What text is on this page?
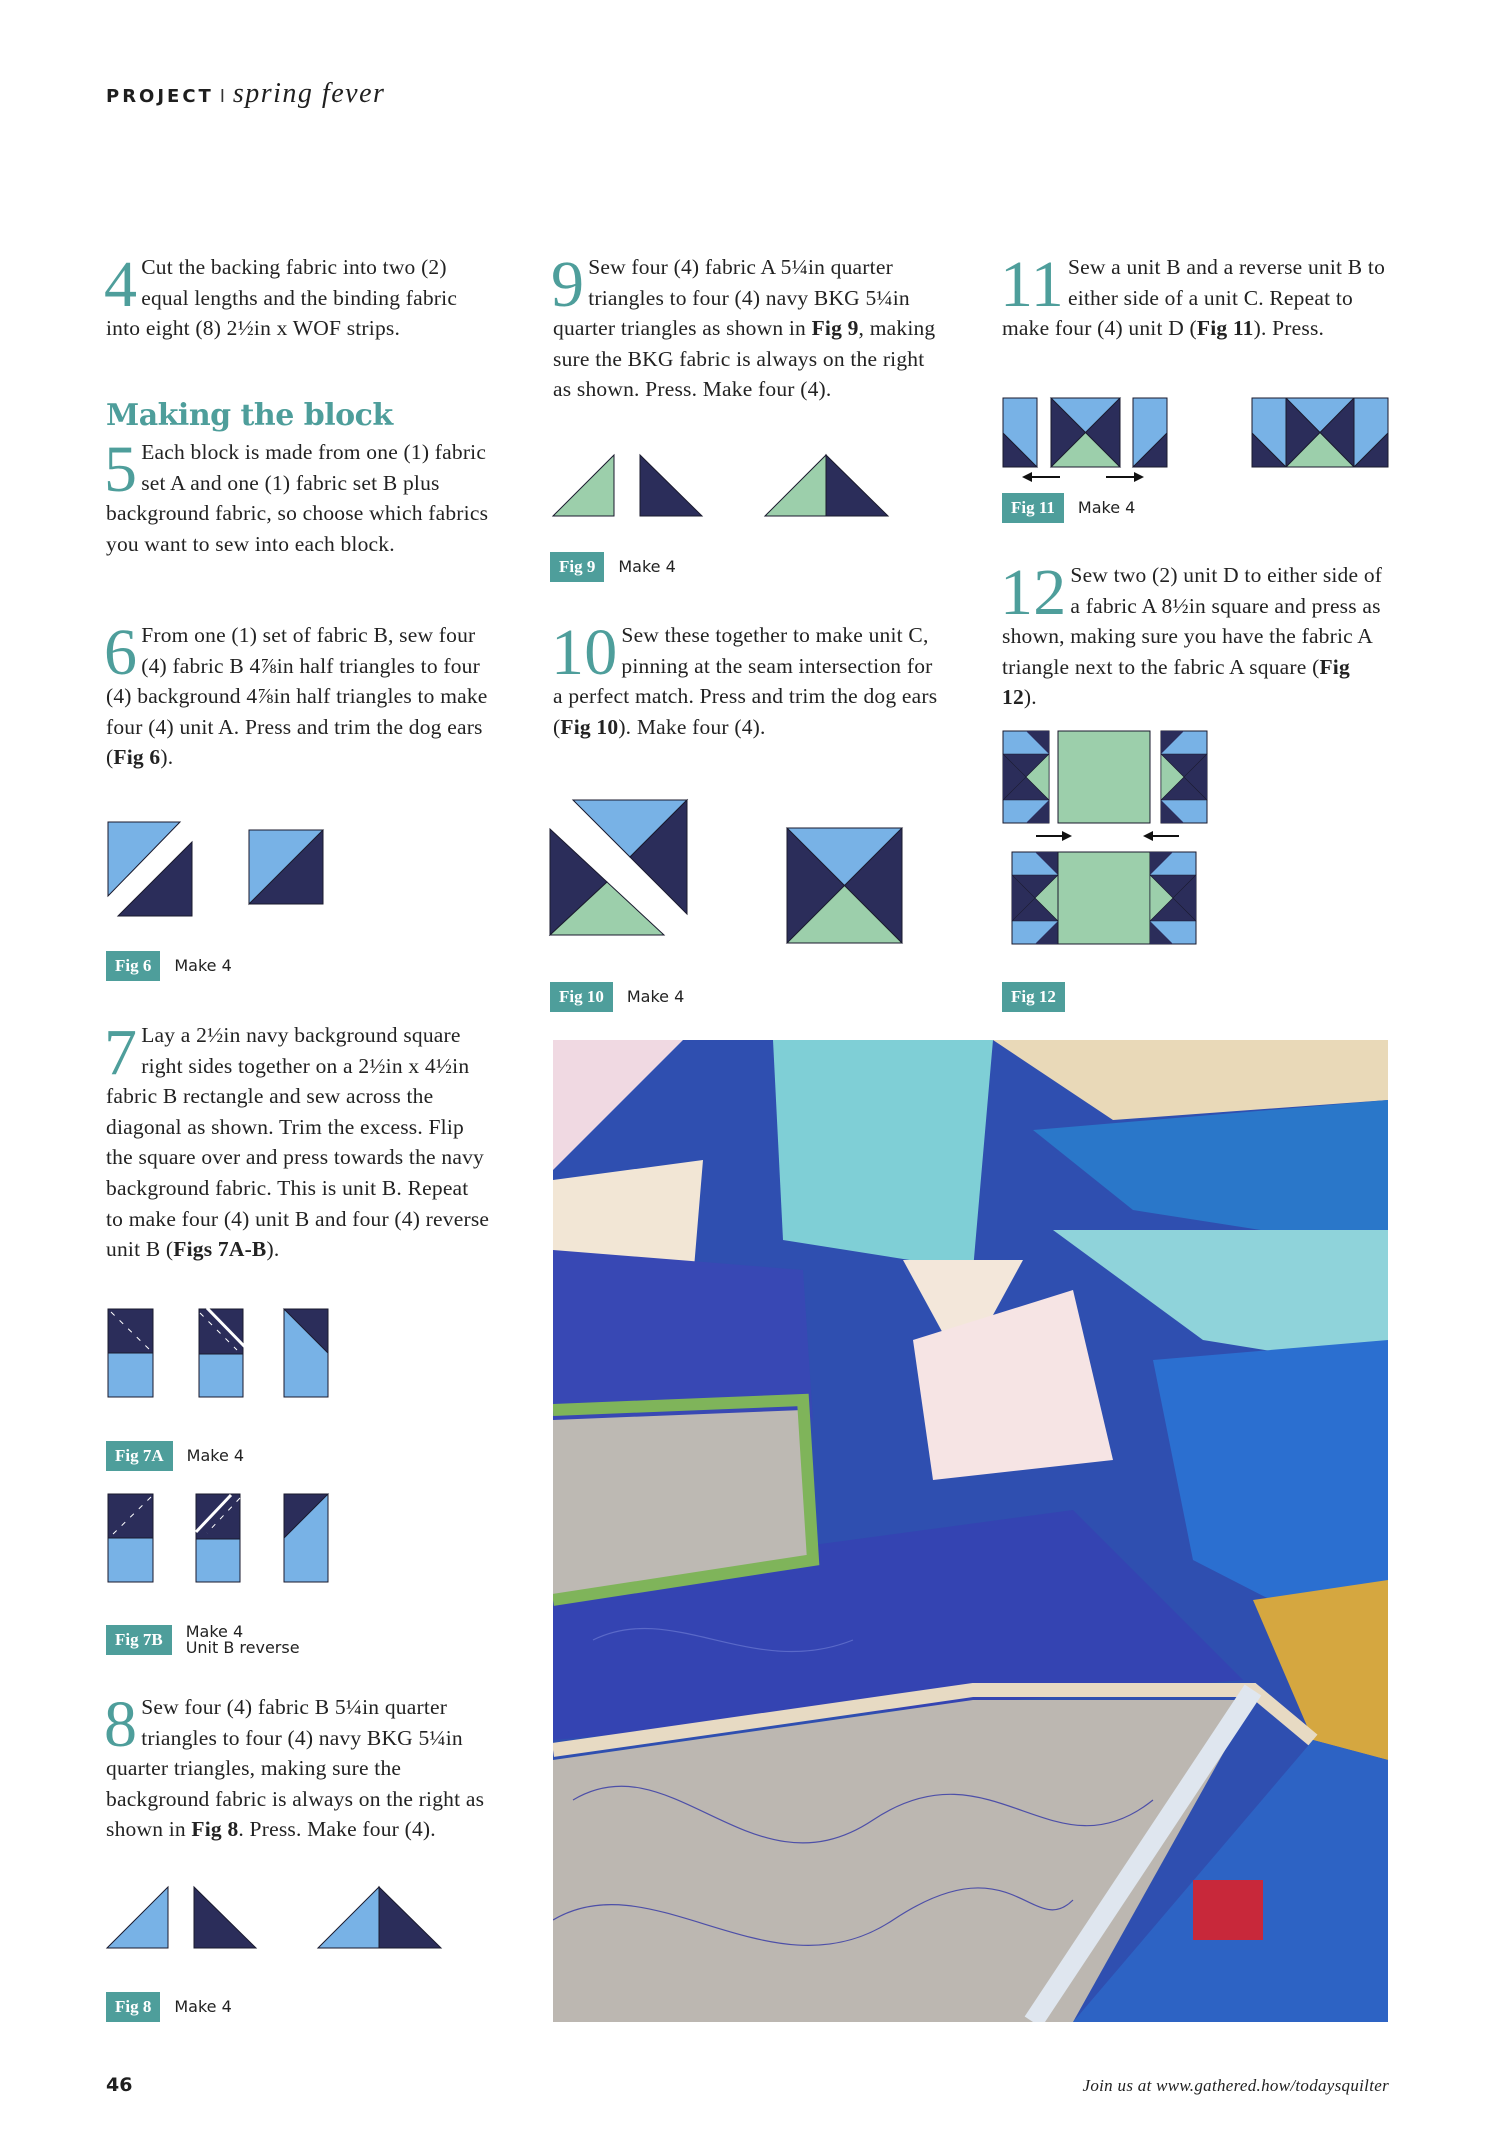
PROJECT I spring fever
4 Cut the backing fabric into two (2) equal lengths and the binding fabric into eight (8) 2½in x WOF strips.
Making the block
5 Each block is made from one (1) fabric set A and one (1) fabric set B plus background fabric, so choose which fabrics you want to sew into each block.
6 From one (1) set of fabric B, sew four (4) fabric B 4⅞in half triangles to four (4) background 4⅞in half triangles to make four (4) unit A. Press and trim the dog ears (Fig 6).
Fig 6	Make 4
7 Lay a 2½in navy background square right sides together on a 2½in x 4½in fabric B rectangle and sew across the diagonal as shown. Trim the excess. Flip the square over and press towards the navy background fabric. This is unit B. Repeat to make four (4) unit B and four (4) reverse unit B (Figs 7A-B).
Fig 7A	Make 4
Fig 7B	Make 4
Unit B reverse
8 Sew four (4) fabric B 5¼in quarter triangles to four (4) navy BKG 5¼in quarter triangles, making sure the background fabric is always on the right as shown in Fig 8. Press. Make four (4).
Fig 8	Make 4
9 Sew four (4) fabric A 5¼in quarter triangles to four (4) navy BKG 5¼in quarter triangles as shown in Fig 9, making sure the BKG fabric is always on the right as shown. Press. Make four (4).
Fig 9	Make 4
10 Sew these together to make unit C, pinning at the seam intersection for a perfect match. Press and trim the dog ears (Fig 10). Make four (4).
Fig 10	Make 4
11 Sew a unit B and a reverse unit B to either side of a unit C. Repeat to make four (4) unit D (Fig 11). Press.
Fig 11	Make 4
12 Sew two (2) unit D to either side of a fabric A 8½in square and press as shown, making sure you have the fabric A triangle next to the fabric A square (Fig 12).
Fig 12
46	Join us at www.gathered.how/todaysquilter
